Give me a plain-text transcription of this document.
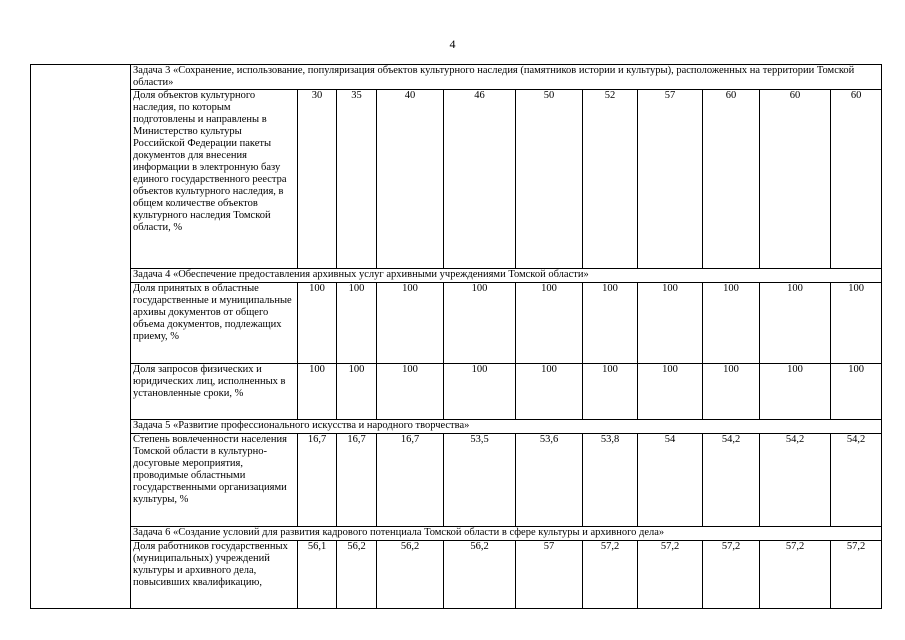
4
	Задача 3 «Сохранение, использование, популяризация объектов культурного наследия (памятников истории и культуры), расположенных на территории Томской области»										
	Доля объектов культурного наследия, по которым подготовлены и направлены в Министерство культуры Российской Федерации пакеты документов для внесения информации в электронную базу единого государственного реестра объектов культурного наследия, в общем количестве объектов культурного наследия Томской области, %	30	35	40	46	50	52	57	60	60	60
	Задача 4 «Обеспечение предоставления архивных услуг архивными учреждениями Томской области»										
	Доля принятых в областные государственные и муниципальные архивы документов от общего объема документов, подлежащих приему, %	100	100	100	100	100	100	100	100	100	100
	Доля запросов физических и юридических лиц, исполненных в установленные сроки, %	100	100	100	100	100	100	100	100	100	100
	Задача 5 «Развитие профессионального искусства и народного творчества»										
	Степень вовлеченности населения Томской области в культурно-досуговые мероприятия, проводимые областными государственными организациями культуры, %	16,7	16,7	16,7	53,5	53,6	53,8	54	54,2	54,2	54,2
	Задача 6 «Создание условий для развития кадрового потенциала Томской области в сфере культуры и архивного дела»										
	Доля работников государственных (муниципальных) учреждений культуры и архивного дела, повысивших квалификацию,	56,1	56,2	56,2	56,2	57	57,2	57,2	57,2	57,2	57,2
